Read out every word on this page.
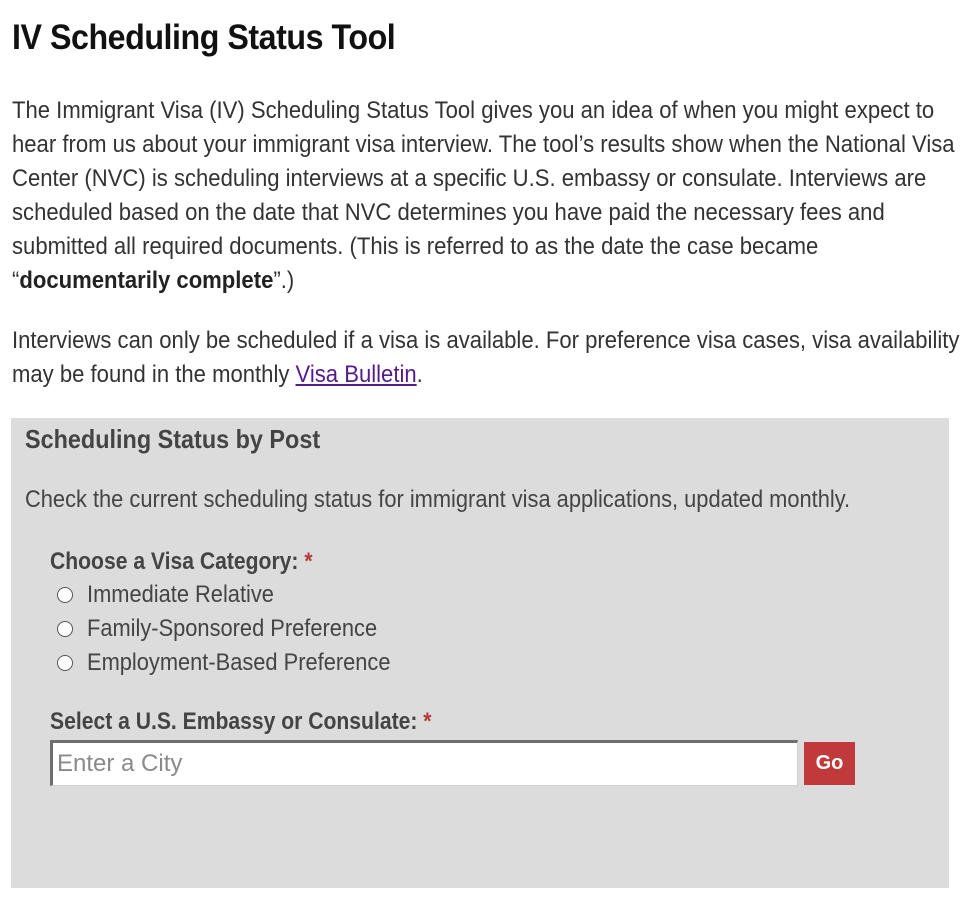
IV Scheduling Status Tool

The Immigrant Visa (IV) Scheduling Status Tool gives you an idea of when you might expect to hear from us about your immigrant visa interview. The tool’s results show when the National Visa Center (NVC) is scheduling interviews at a specific U.S. embassy or consulate. Interviews are scheduled based on the date that NVC determines you have paid the necessary fees and submitted all required documents. (This is referred to as the date the case became “documentarily complete”.)

Interviews can only be scheduled if a visa is available. For preference visa cases, visa availability may be found in the monthly Visa Bulletin.

Scheduling Status by Post

Check the current scheduling status for immigrant visa applications, updated monthly.

Choose a Visa Category: *

Immediate Relative
Family-Sponsored Preference
Employment-Based Preference

Select a U.S. Embassy or Consulate: *

Enter a City
Go
